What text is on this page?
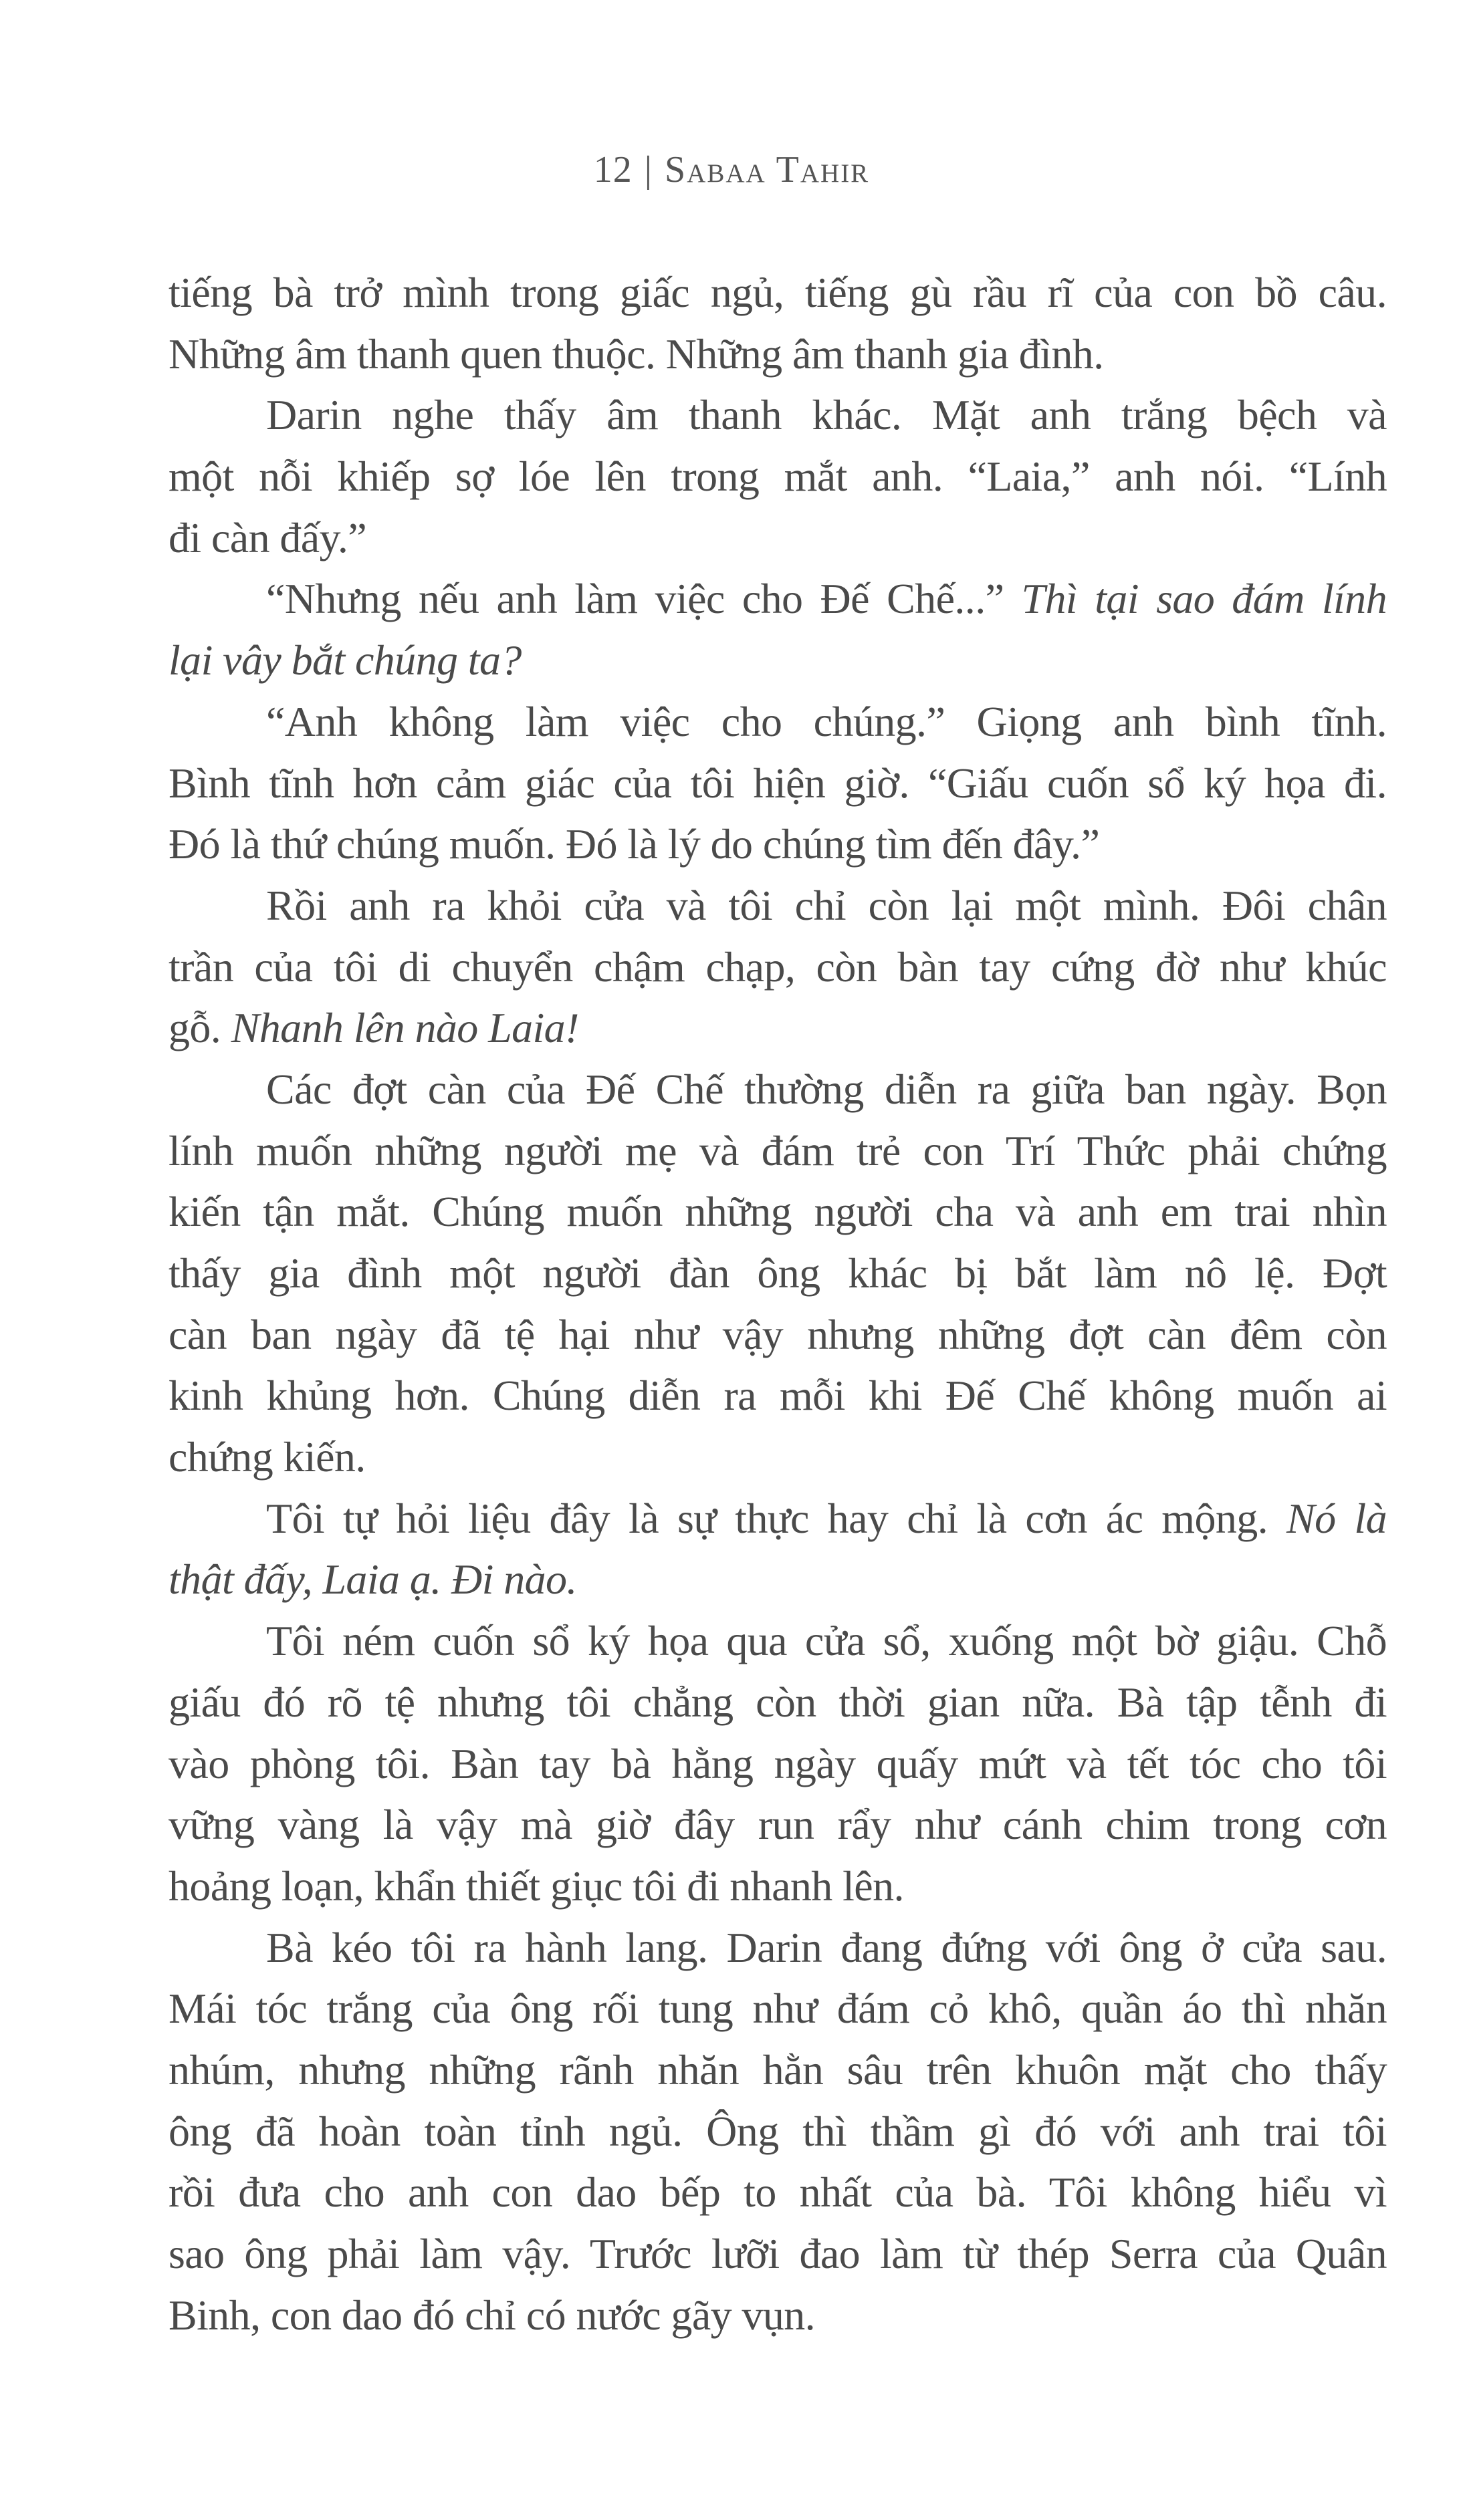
12 | Sabaa Tahir
tiếng bà trở mình trong giấc ngủ, tiếng gù rầu rĩ của con bồ câu.
Những âm thanh quen thuộc. Những âm thanh gia đình.
Darin nghe thấy âm thanh khác. Mặt anh trắng bệch và
một nỗi khiếp sợ lóe lên trong mắt anh. “Laia,” anh nói. “Lính
đi càn đấy.”
“Nhưng nếu anh làm việc cho Đế Chế...” Thì tại sao đám lính
lại vây bắt chúng ta?
“Anh không làm việc cho chúng.” Giọng anh bình tĩnh.
Bình tĩnh hơn cảm giác của tôi hiện giờ. “Giấu cuốn sổ ký họa đi.
Đó là thứ chúng muốn. Đó là lý do chúng tìm đến đây.”
Rồi anh ra khỏi cửa và tôi chỉ còn lại một mình. Đôi chân
trần của tôi di chuyển chậm chạp, còn bàn tay cứng đờ như khúc
gỗ. Nhanh lên nào Laia!
Các đợt càn của Đế Chế thường diễn ra giữa ban ngày. Bọn
lính muốn những người mẹ và đám trẻ con Trí Thức phải chứng
kiến tận mắt. Chúng muốn những người cha và anh em trai nhìn
thấy gia đình một người đàn ông khác bị bắt làm nô lệ. Đợt
càn ban ngày đã tệ hại như vậy nhưng những đợt càn đêm còn
kinh khủng hơn. Chúng diễn ra mỗi khi Đế Chế không muốn ai
chứng kiến.
Tôi tự hỏi liệu đây là sự thực hay chỉ là cơn ác mộng. Nó là
thật đấy, Laia ạ. Đi nào.
Tôi ném cuốn sổ ký họa qua cửa sổ, xuống một bờ giậu. Chỗ
giấu đó rõ tệ nhưng tôi chẳng còn thời gian nữa. Bà tập tễnh đi
vào phòng tôi. Bàn tay bà hằng ngày quấy mứt và tết tóc cho tôi
vững vàng là vậy mà giờ đây run rẩy như cánh chim trong cơn
hoảng loạn, khẩn thiết giục tôi đi nhanh lên.
Bà kéo tôi ra hành lang. Darin đang đứng với ông ở cửa sau.
Mái tóc trắng của ông rối tung như đám cỏ khô, quần áo thì nhăn
nhúm, nhưng những rãnh nhăn hằn sâu trên khuôn mặt cho thấy
ông đã hoàn toàn tỉnh ngủ. Ông thì thầm gì đó với anh trai tôi
rồi đưa cho anh con dao bếp to nhất của bà. Tôi không hiểu vì
sao ông phải làm vậy. Trước lưỡi đao làm từ thép Serra của Quân
Binh, con dao đó chỉ có nước gãy vụn.
